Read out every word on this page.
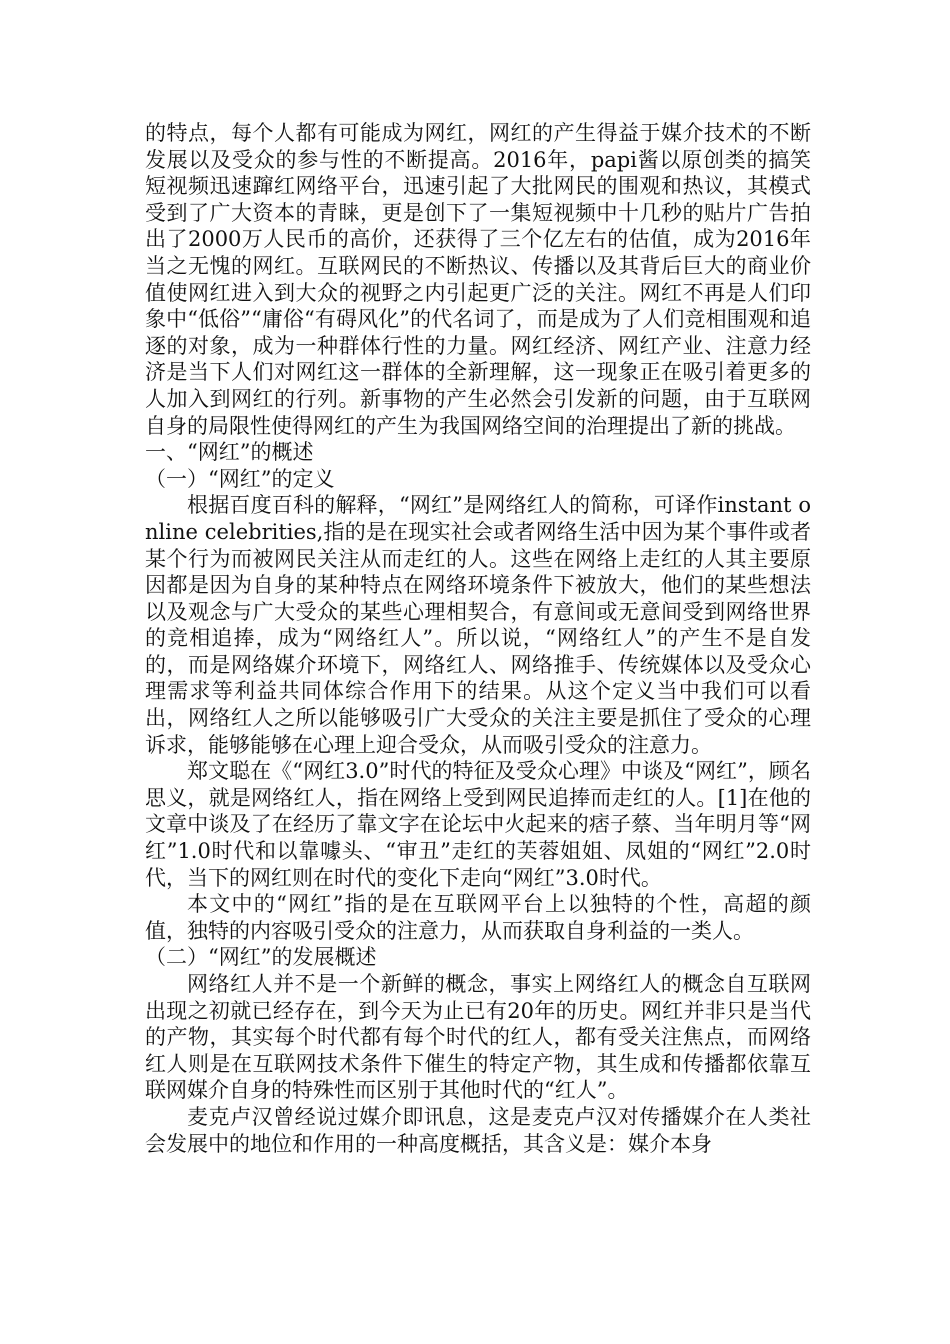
的特点，每个人都有可能成为网红，网红的产生得益于媒介技术的不断发展以及受众的参与性的不断提高。2016年，papi酱以原创类的搞笑短视频迅速蹿红网络平台，迅速引起了大批网民的围观和热议，其模式受到了广大资本的青睐，更是创下了一集短视频中十几秒的贴片广告拍出了2000万人民币的高价，还获得了三个亿左右的估值，成为2016年当之无愧的网红。互联网民的不断热议、传播以及其背后巨大的商业价值使网红进入到大众的视野之内引起更广泛的关注。网红不再是人们印象中“低俗”“庸俗“有碍风化”的代名词了，而是成为了人们竞相围观和追逐的对象，成为一种群体行性的力量。网红经济、网红产业、注意力经济是当下人们对网红这一群体的全新理解，这一现象正在吸引着更多的人加入到网红的行列。新事物的产生必然会引发新的问题，由于互联网自身的局限性使得网红的产生为我国网络空间的治理提出了新的挑战。

一、“网红”的概述

（一）“网红”的定义

根据百度百科的解释，“网红”是网络红人的简称，可译作instant online celebrities,指的是在现实社会或者网络生活中因为某个事件或者某个行为而被网民关注从而走红的人。这些在网络上走红的人其主要原因都是因为自身的某种特点在网络环境条件下被放大，他们的某些想法以及观念与广大受众的某些心理相契合，有意间或无意间受到网络世界的竞相追捧，成为“网络红人”。所以说，“网络红人”的产生不是自发的，而是网络媒介环境下，网络红人、网络推手、传统媒体以及受众心理需求等利益共同体综合作用下的结果。从这个定义当中我们可以看出，网络红人之所以能够吸引广大受众的关注主要是抓住了受众的心理诉求，能够能够在心理上迎合受众，从而吸引受众的注意力。

郑文聪在《“网红3.0”时代的特征及受众心理》中谈及“网红”，顾名思义，就是网络红人，指在网络上受到网民追捧而走红的人。[1]在他的文章中谈及了在经历了靠文字在论坛中火起来的痞子蔡、当年明月等“网红”1.0时代和以靠噱头、“审丑”走红的芙蓉姐姐、凤姐的“网红”2.0时代，当下的网红则在时代的变化下走向“网红”3.0时代。

本文中的“网红”指的是在互联网平台上以独特的个性，高超的颜值，独特的内容吸引受众的注意力，从而获取自身利益的一类人。

（二）“网红”的发展概述

网络红人并不是一个新鲜的概念，事实上网络红人的概念自互联网出现之初就已经存在，到今天为止已有20年的历史。网红并非只是当代的产物，其实每个时代都有每个时代的红人，都有受关注焦点，而网络红人则是在互联网技术条件下催生的特定产物，其生成和传播都依靠互联网媒介自身的特殊性而区别于其他时代的“红人”。

麦克卢汉曾经说过媒介即讯息，这是麦克卢汉对传播媒介在人类社会发展中的地位和作用的一种高度概括，其含义是：媒介本身
